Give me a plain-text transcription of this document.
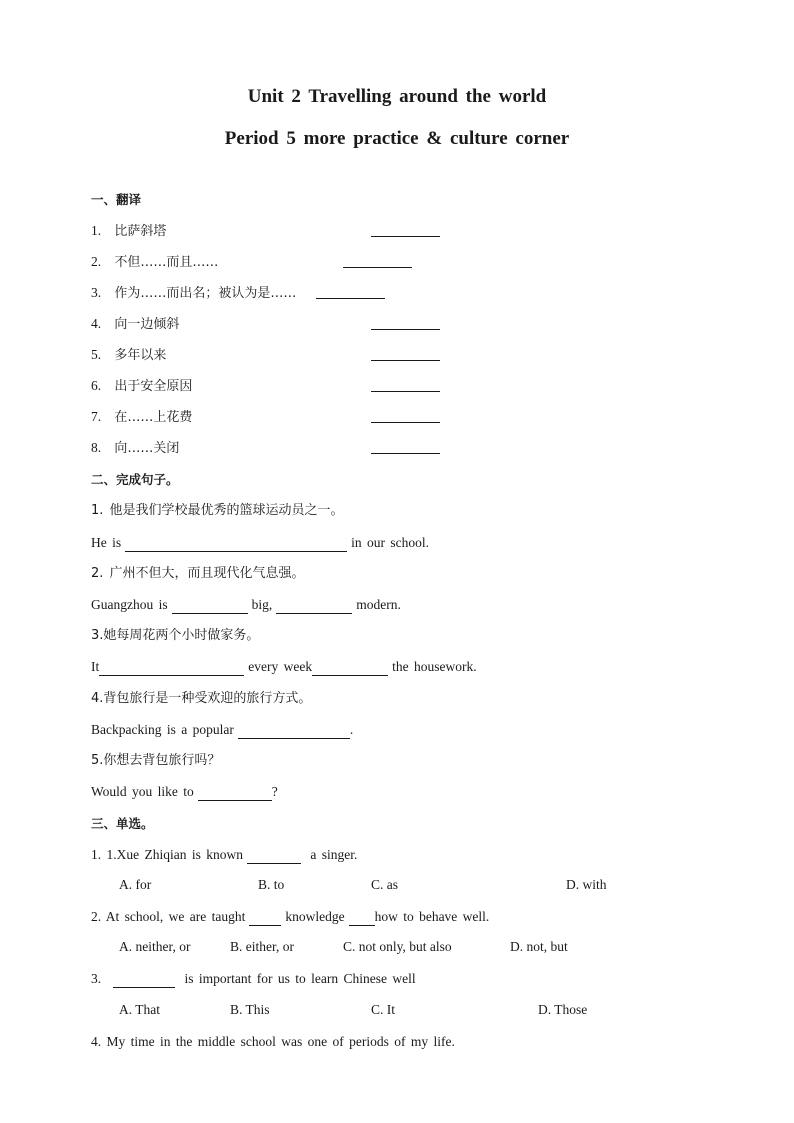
Unit 2 Travelling around the world
Period 5 more practice & culture corner
一、翻译
1. 比萨斜塔
2. 不但……而且……
3. 作为……而出名；被认为是……
4. 向一边倾斜
5. 多年以来
6. 出于安全原因
7. 在……上花费
8. 向……关闭
二、完成句子。
1. 他是我们学校最优秀的篮球运动员之一。
He is	in our school.
2. 广州不但大，而且现代化气息强。
Guangzhou is	big,	modern.
3.她每周花两个小时做家务。
It	every week	the housework.
4.背包旅行是一种受欢迎的旅行方式。
Backpacking is a popular	.
5.你想去背包旅行吗？
Would you like to	?
三、单选。
1. 1.Xue Zhiqian is known	a singer.
A. for	B. to	C. as	D. with
2. At school, we are taught	knowledge how to behave well.
A. neither, or	B. either, or	C. not only, but also	D. not, but
3.	is important for us to learn Chinese well
A. That	B. This	C. It	D. Those
4. My time in the middle school was one of periods of my life.
